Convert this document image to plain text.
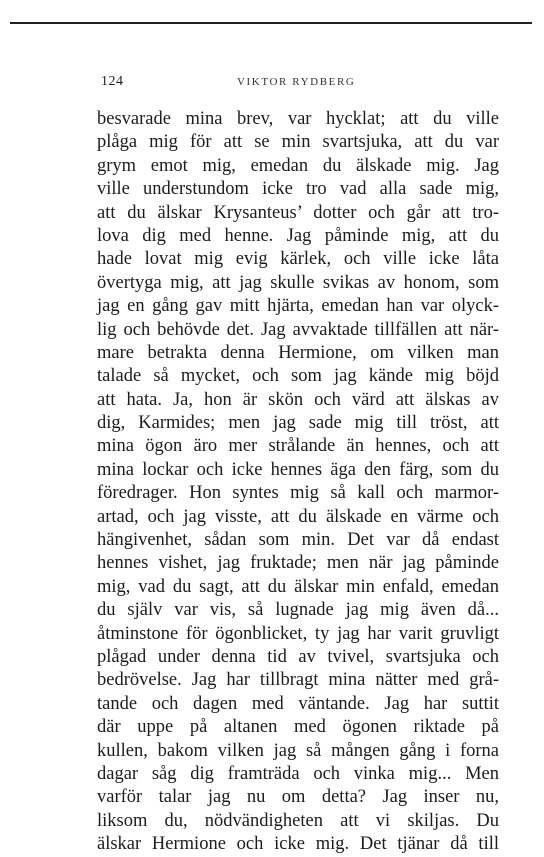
124	VIKTOR RYDBERG
besvarade mina brev, var hycklat; att du ville
plåga mig för att se min svartsjuka, att du var
grym emot mig, emedan du älskade mig. Jag
ville understundom icke tro vad alla sade mig,
att du älskar Krysanteus’ dotter och går att tro-
lova dig med henne. Jag påminde mig, att du
hade lovat mig evig kärlek, och ville icke låta
övertyga mig, att jag skulle svikas av honom, som
jag en gång gav mitt hjärta, emedan han var olyck-
lig och behövde det. Jag avvaktade tillfällen att när-
mare betrakta denna Hermione, om vilken man
talade så mycket, och som jag kände mig böjd
att hata. Ja, hon är skön och värd att älskas av
dig, Karmides; men jag sade mig till tröst, att
mina ögon äro mer strålande än hennes, och att
mina lockar och icke hennes äga den färg, som du
föredrager. Hon syntes mig så kall och marmor-
artad, och jag visste, att du älskade en värme och
hängivenhet, sådan som min. Det var då endast
hennes vishet, jag fruktade; men när jag påminde
mig, vad du sagt, att du älskar min enfald, emedan
du själv var vis, så lugnade jag mig även då...
åtminstone för ögonblicket, ty jag har varit gruvligt
plågad under denna tid av tvivel, svartsjuka och
bedrövelse. Jag har tillbragt mina nätter med grå-
tande och dagen med väntande. Jag har suttit
där uppe på altanen med ögonen riktade på
kullen, bakom vilken jag så mången gång i forna
dagar såg dig framträda och vinka mig... Men
varför talar jag nu om detta? Jag inser nu,
liksom du, nödvändigheten att vi skiljas. Du
älskar Hermione och icke mig. Det tjänar då till
